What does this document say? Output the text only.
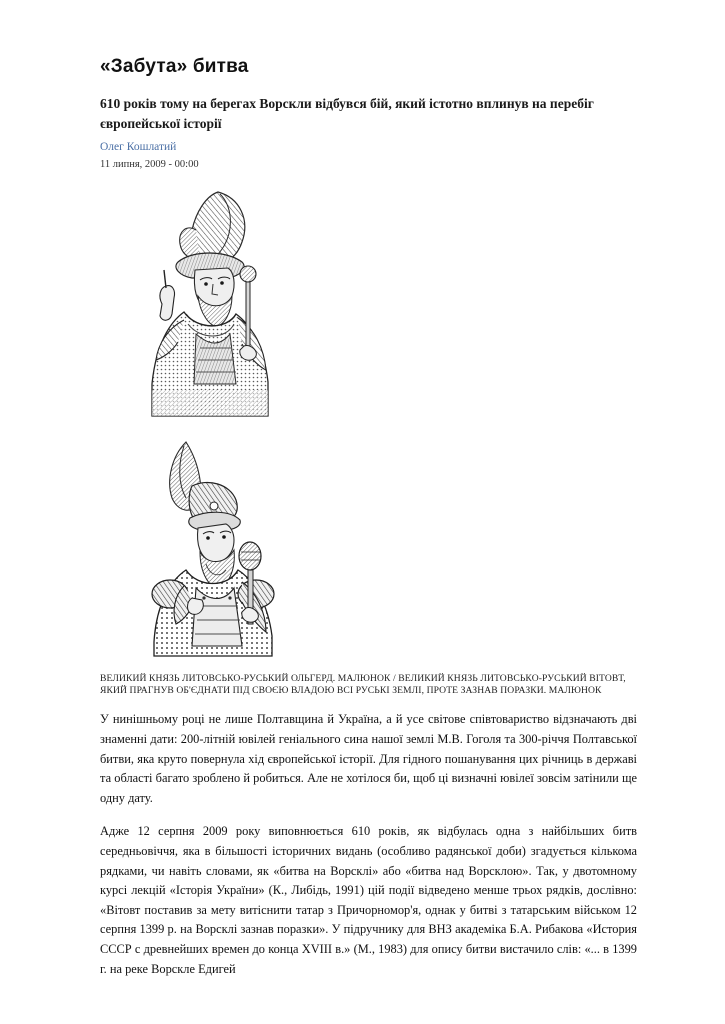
«Забута» битва
610 років тому на берегах Ворскли відбувся бій, який істотно вплинув на перебіг європейської історії
Олег Кошлатий
11 липня, 2009 - 00:00
ВЕЛИКИЙ КНЯЗЬ ЛИТОВСЬКО-РУСЬКИЙ ОЛЬГЕРД. МАЛЮНОК / ВЕЛИКИЙ КНЯЗЬ ЛИТОВСЬКО-РУСЬКИЙ ВІТОВТ, ЯКИЙ ПРАГНУВ ОБ'ЄДНАТИ ПІД СВОЄЮ ВЛАДОЮ ВСІ РУСЬКІ ЗЕМЛІ, ПРОТЕ ЗАЗНАВ ПОРАЗКИ. МАЛЮНОК

У нинішньому році не лише Полтавщина й Україна, а й усе світове співтовариство відзначають дві знаменні дати: 200-літній ювілей геніального сина нашої землі М.В. Гоголя та 300-річчя Полтавської битви, яка круто повернула хід європейської історії. Для гідного пошанування цих річниць в державі та області багато зроблено й робиться. Але не хотілося би, щоб ці визначні ювілеї зовсім затінили ще одну дату.

Адже 12 серпня 2009 року виповнюється 610 років, як відбулась одна з найбільших битв середньовіччя, яка в більшості історичних видань (особливо радянської доби) згадується кількома рядками, чи навіть словами, як «битва на Ворсклі» або «битва над Ворсклою». Так, у двотомному курсі лекцій «Історія України» (К., Либідь, 1991) цій події відведено менше трьох рядків, дослівно: «Вітовт поставив за мету витіснити татар з Причорномор'я, однак у битві з татарським військом 12 серпня 1399 р. на Ворсклі зазнав поразки». У підручнику для ВНЗ академіка Б.А. Рибакова «История СССР с древнейших времен до конца XVIII в.» (М., 1983) для опису битви вистачило слів: «... в 1399 г. на реке Ворскле Едигей
